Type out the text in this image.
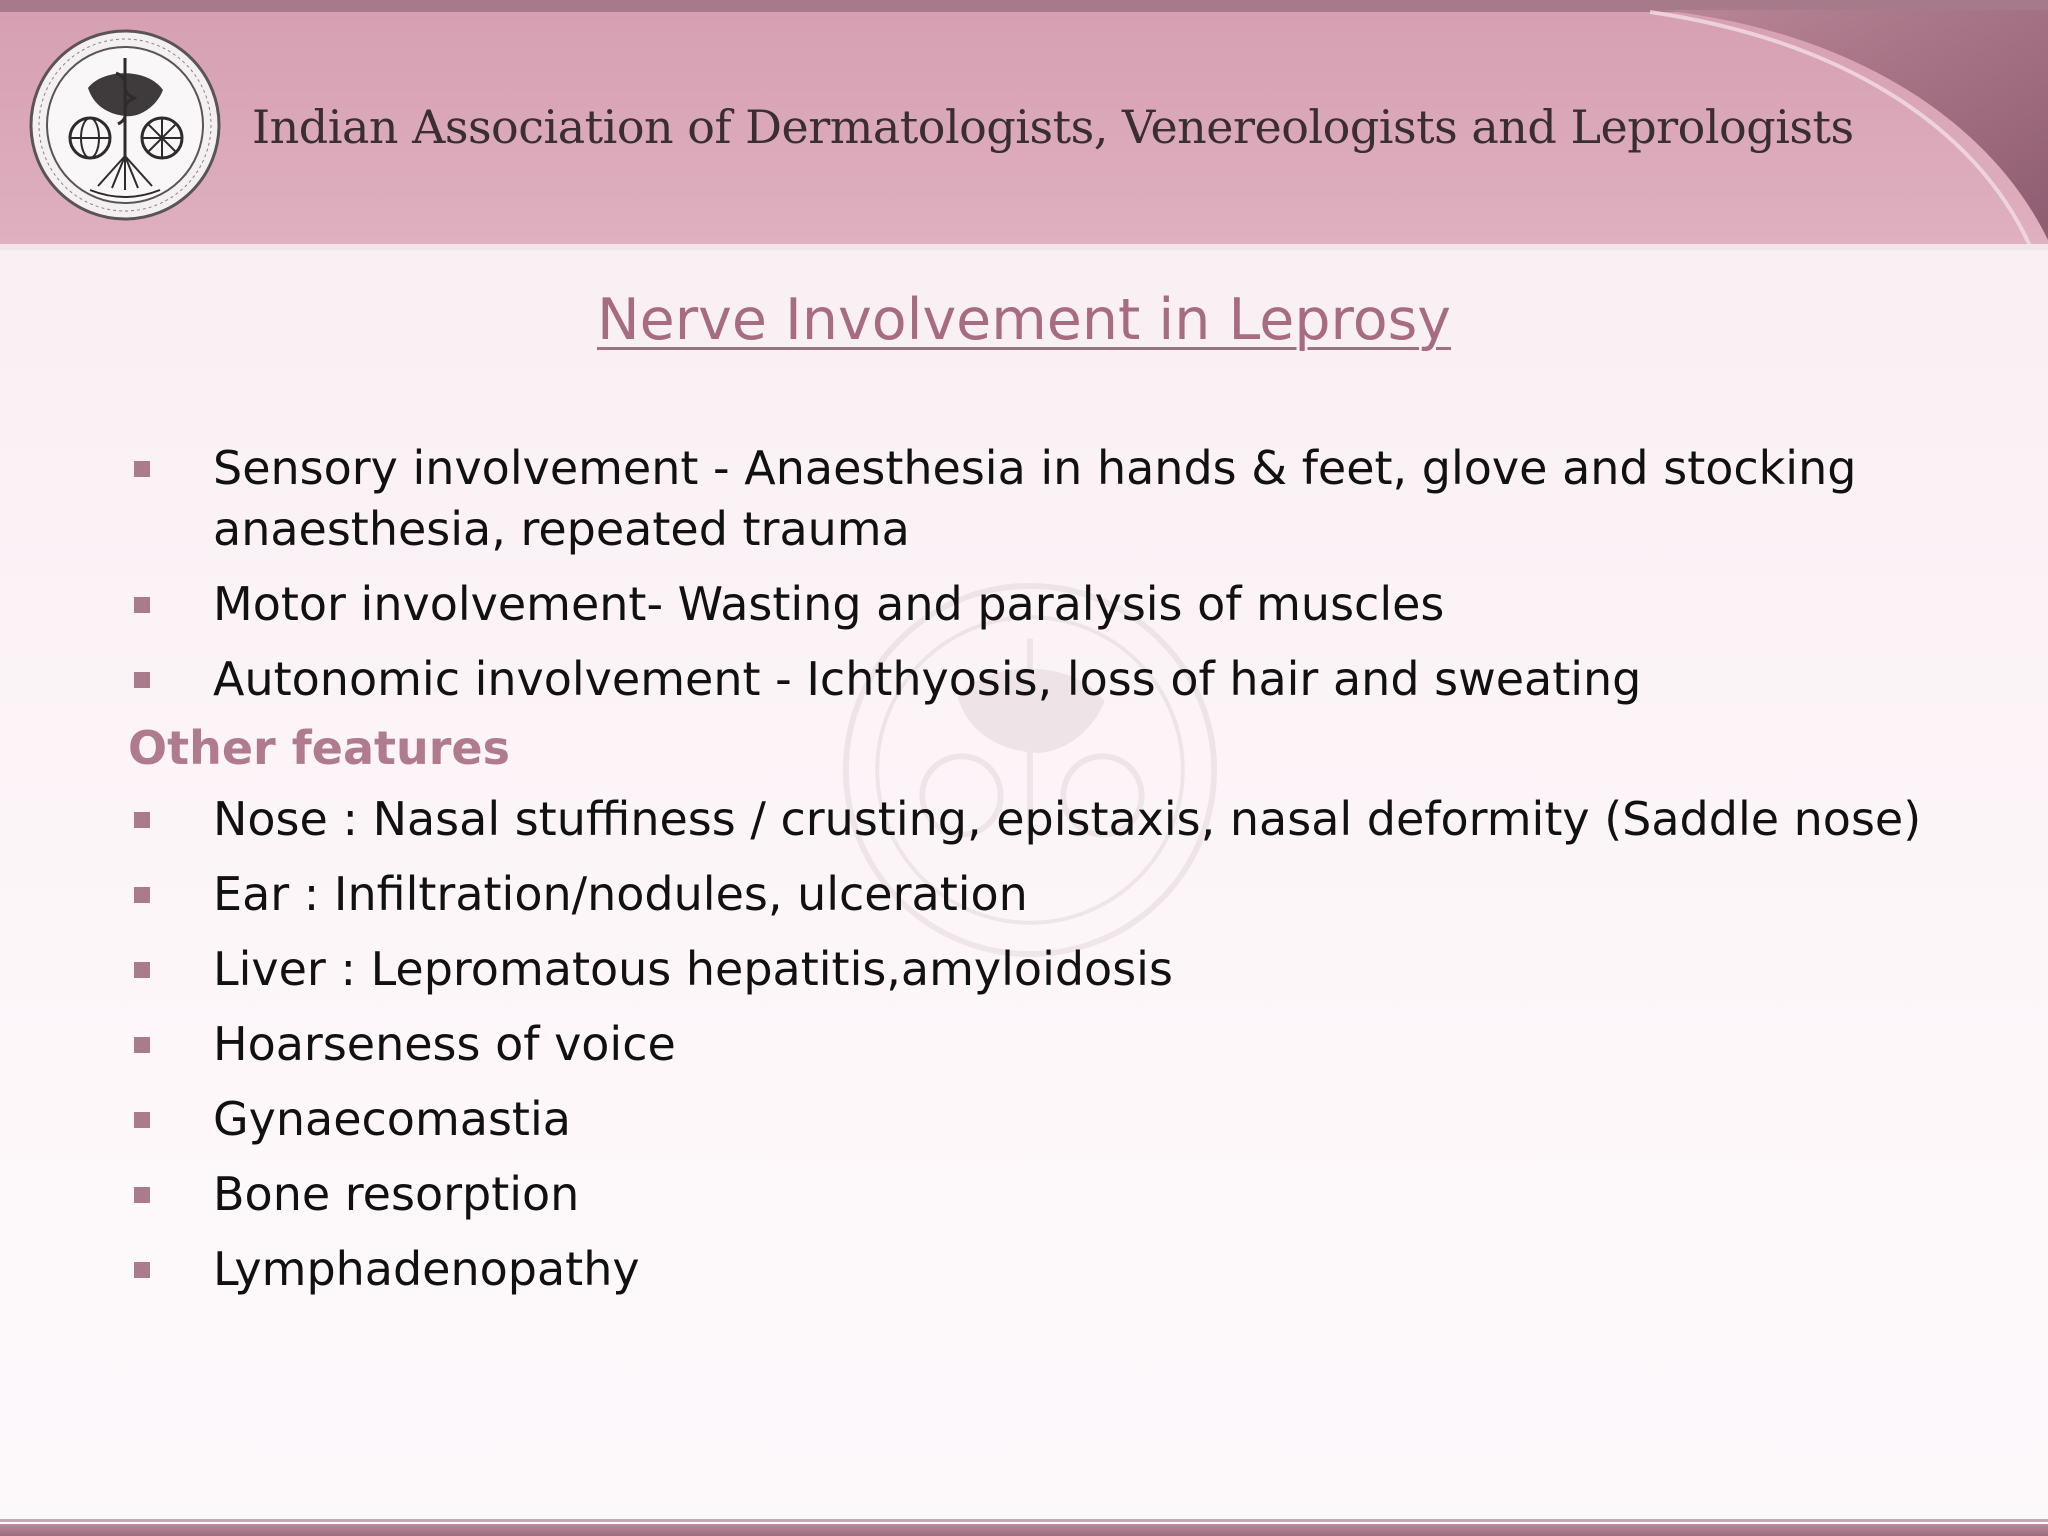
Indian Association of Dermatologists, Venereologists and Leprologists
Nerve Involvement in Leprosy
Sensory involvement - Anaesthesia in hands & feet, glove and stocking anaesthesia, repeated trauma
Motor involvement- Wasting and paralysis of muscles
Autonomic involvement - Ichthyosis, loss of hair and sweating
Other features
Nose : Nasal stuffiness / crusting, epistaxis, nasal deformity (Saddle nose)
Ear : Infiltration/nodules, ulceration
Liver : Lepromatous hepatitis,amyloidosis
Hoarseness of voice
Gynaecomastia
Bone resorption
Lymphadenopathy
